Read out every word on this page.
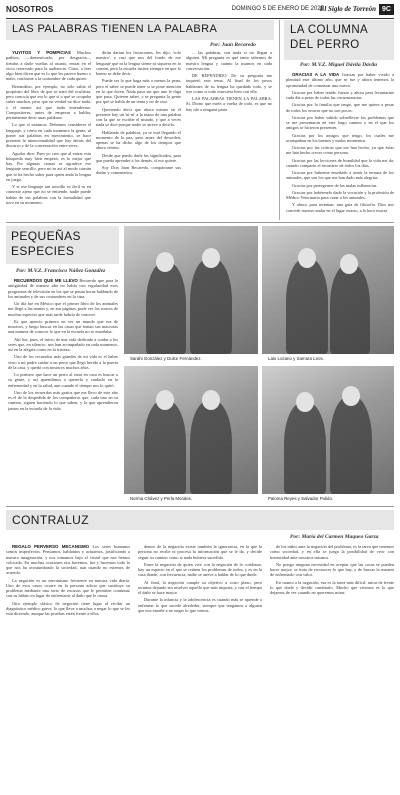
NOSOTROS	DOMINGO 5 DE ENERO DE 2025
El Siglo de Torreón 9C
LAS PALABRAS TIENEN LA PALABRA
Por: Juan Recaredo

YUYITOS Y POMPICIAS Muchos pañitos, —domesticado, por desgracia— tiendas a darle vueltas al asunto, entrar en el vicio reservado para la audiencia. Claro, a leer algo bien dicen que es lo que les parece bueno o malo, conforme a la costumbre de cada quien.

Bernardino, por ejemplo, no sólo sabía el propósito del libro de que se trató del ocultista, pero conocía que era lo que sí o qué se ocupaba saber muchos, pero que en verdad no dice nada, y el menor así que nada entenderme. Compositores, antes de empezar a hablar, permítanme decir unas palabras.

Lo que sí notamos: Debemos considerar el lenguaje, y cómo en cada momento la gente, al poner sus palabras en movimiento, se hace presente la intencionalidad que hay detrás del discurso y de la conversación entre seres.

Aguilar dice: Pues yo creo que al entrar esta búsqueda muy bien empezó, es lo mejor que hay. Por algunas causas se agradece ese lenguaje sencillo, pero no es así al modo común que lo ha hecho saber para quien anda la lengua en juego.

Y si ese lenguaje tan sencillo es fácil es en contexto ajeno que no se entiende, nadie puede hablar de sus palabras con la formalidad que tuvo en su momento.

dirán darían los frotaciones, les dijo: 'solo nuestro', y casi que nos del fondo de ese lenguaje que ni la lengua siente ni siquiera en lo común, pero la escuela insiste siempre en que lo bueno se debe decir.

Puede ser lo que haga más o menos la pena, pero el saber se puede tener si se pone atención en lo que dicen. Nada pasa sin que uno le diga que pasa. Quieren saber, y se pregunta la gente por qué se habla de un tema y no de otro.

Queriendo decir que ahora mismo en el presente hay un 'ni-ni' a la mano de una palabra con la que se escribe el mundo, y que a veces nada se dice porque nadie se atreve a decirlo.

Hablando de palabras, ya se está llegando el momento de la paz, pero antes del desorden, apenas se ha dicho algo de los tiempos que ahora vienen.

Desde que puedo darle las significados, para que pueda aprender a los demás, sí eso quiere.

Soy Don Juan Recaredo, compártame sus dudas y comentarios.

... las palabras, son nada si no llegan a alguien. Mi pregunta es qué tanto sabemos de nuestra lengua y cuánto la usamos en cada conversación.

DE REPENDIDO: De su pregunta me inquietó este tema. Al final de los pesos hablantes de su lengua ha quedado todo, y se oye como si todo estuviera bien con ella.

LAS PALABRAS TIENEN LA PALABRA: Sí. Diono que estén a vuelta de todo, es que no hay ido a ninguna parte.

LA COLUMNA
DEL PERRO
Por: M.V.Z. Miguel Dávila Dávila

GRACIAS A LA VIDA Gracias por haber vivido a plenitud este último año, que se fue y ahora tenemos la oportunidad de comenzar uno nuevo.

Gracias por haber tenido fuerza y ahora para levantarme cada día a pesar de todas las circunstancias.

Gracias por la familia que tengo, que me quiere a pesar de todos los errores que no son pocos.

Gracias por haber sabido sobrellevar los problemas que se me presentaron en este largo camino y en el que los amigos se hicieron presentes.

Gracias por los amigos que tengo, los cuales me acompañan en los buenos y malos momentos.

Gracias por las críticas que me han hecho, ya que éstas me han hecho crecer como persona.

Gracias por las lecciones de humildad que la vida me da, cuando comparto el escenario de todos los días.

Gracias por haberme enseñado a sentir la ternura de los animales, que son los que me han dado más alegrías.

Gracias por protegerme de las malas influencias.

Gracias por habérmelo dado la vocación y la profesión de Médico Veterinario para curar a los animales.

Y ahora, para terminar, una guía de filosofía. Dios nos concede nuestro andar en el lugar exacto, a la hora exacta.

PEQUEÑAS
ESPECIES
Por: M.V.Z. Francisco Núñez González

RECUERDOS QUE ME LLEVO Recuerdo que para la antigüedad de nuestro año no había con regularidad esos programas de televisión en los que se pasan horas hablando de los animales y de sus costumbres en la casa.

Un día fue en México que el primer libro de los animales me llegó a las manos y, en sus páginas, pude ver los rostros de muchas especies que más tarde habría de conocer.

Es que aprecio primero en ver un mundo que era de nosotros, y luego buscar en las casas que tenían sus mascotas una manera de conocer lo que en la escuela no se enseñaba.

Ahí fue, pues, el inicio de una vida dedicada a cuidar a los seres que, en silencio, nos han acompañado en cada momento, así en la alegría como en la tristeza.

Uno de los recuerdos más grandes de mi vida es el haber visto a mi padre cuidar a un perro que llegó herido a la puerta de la casa, y quedó con nosotros muchos años.

Lo primero que hace un perro al estar en casa es buscar a su gente, y así aprendimos a quererlo y cuidarlo en la enfermedad y en la salud, aun cuando el tiempo nos lo quitó.

Uno de los recuerdos más gratos que me llevo de este año es el de la despedida de los compañeros que, cada uno en su camino, siguen haciendo lo que saben, y lo que aprendieron juntos en la escuela de la vida.

Sarahi González y Dulce Fernández.	Lalo Lozano y Samara Leos.
Norma Chávez y Perla Morales.	Paloma Reyes y Salvador Pulido.
CONTRALUZ
Por: María del Carmen Maqueo Garza

REGALO PERVERSO MECANISMO Los seres humanos somos imperfectos. Pensamos, hablamos y actuamos, justificando a nuestra imaginación, y nos tomamos bajo el cristal que nos hemos colocado. En muchas ocasiones nos hacemos, fue y hacemos todo lo que nos ha acostumbrado la sociedad, aun cuando no estemos de acuerdo.

La negación es un mecanismo frecuente en nuestra vida diaria. Uno de esos casos ocurre en la persona adicta que sustituye su problema mediante una serie de excusas que le permiten continuar con su hábito en lugar de enfrentarse al daño que le causa.

Otro ejemplo clásico de negación tiene lugar al recibir un diagnóstico médico grave, lo que lleva a muchos a negar lo que se les está diciendo, aunque las pruebas estén frente a ellos.

dentro de la negación existe también la ignorancia, en la que la persona no recibe ni procesa la información que se le da, y decide seguir su camino como si nada hubiera sucedido.

Entre la negación de quien vive con la negación de lo cotidiano, hay un espacio en el que se reúnen los problemas de todos, y es en la casa donde, con frecuencia, nadie se atreve a hablar de lo que duele.

Al final, la negación cumple su objetivo a corto plazo, pero termina dejando sin resolver aquello que más importa, y con el tiempo el daño se hace mayor.

Durante la infancia y la adolescencia es cuando más se aprende a enfrentar lo que sucede alrededor, siempre que tengamos a alguien que nos enseñe a no negar lo que vemos.

de los niños ante la negación del problema, es la tarea que tenemos como sociedad, y en ella se juega la posibilidad de vivir con honestidad ante nosotros mismos.

No pongo ninguna necesidad en aceptar que las cosas se pueden hacer mejor; se trata de reconocer lo que hay, y de buscar la manera de enfrentarlo con valor.

En cuanto a la negación, esa es la tarea más difícil: mirar de frente lo que duele y decidir cambiarlo. Mucho que vivimos es lo que dejamos de ver cuando no queremos mirar.
